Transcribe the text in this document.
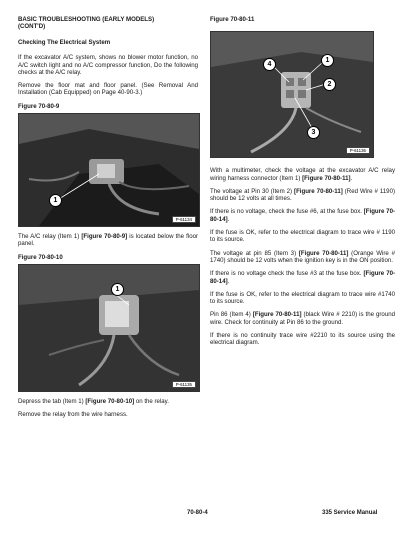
BASIC TROUBLESHOOTING (EARLY MODELS)
(CONT'D)
Checking The Electrical System

If the excavator A/C system, shows no blower motor function, no A/C switch light and no A/C compressor function, Do the following checks at the A/C relay.

Remove the floor mat and floor panel. (See Removal And Installation (Cab Equipped) on Page 40-90-3.)

Figure 70-80-9
1
P-61134

The A/C relay (Item 1) [Figure 70-80-9] is located below the floor panel.

Figure 70-80-10
1
P-61135

Depress the tab (Item 1) [Figure 70-80-10] on the relay.

Remove the relay from the wire harness.

Figure 70-80-11
4
1
2
3
P-61136

With a multimeter, check the voltage at the excavator A/C relay wiring harness connector (Item 1) [Figure 70-80-11].

The voltage at Pin 30 (Item 2) [Figure 70-80-11] (Red Wire # 1190) should be 12 volts at all times.

If there is no voltage, check the fuse #6, at the fuse box. [Figure 70-80-14].

If the fuse is OK, refer to the electrical diagram to trace wire # 1190 to its source.

The voltage at pin 85 (Item 3) [Figure 70-80-11] (Orange Wire # 1740) should be 12 volts when the ignition key is in the ON position.

If there is no voltage check the fuse #3 at the fuse box. [Figure 70-80-14].

If the fuse is OK, refer to the electrical diagram to trace wire #1740 to its source.

Pin 86 (Item 4) [Figure 70-80-11] (black Wire # 2210) is the ground wire. Check for continuity at Pin 86 to the ground.

If there is no continuity trace wire #2210 to its source using the electrical diagram.

70-80-4	335 Service Manual
